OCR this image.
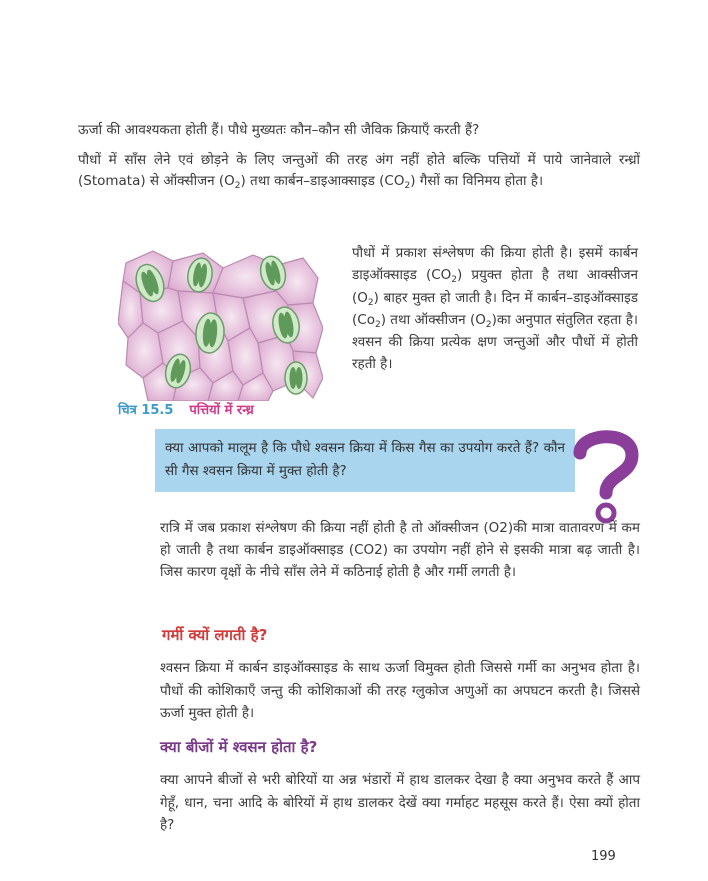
ऊर्जा की आवश्यकता होती हैं। पौधे मुख्यतः कौन–कौन सी जैविक क्रियाएँ करती हैं?

पौधों में साँस लेने एवं छोड़ने के लिए जन्तुओं की तरह अंग नहीं होते बल्कि पत्तियों में पाये जानेवाले रन्ध्रों (Stomata) से ऑक्सीजन $(O_2)$ तथा कार्बन–डाइआक्साइड $(CO_2)$ गैसों का विनिमय होता है।

चित्र 15.5 पत्तियों में रन्ध्र

पौधों में प्रकाश संश्लेषण की क्रिया होती है। इसमें कार्बन डाइऑक्साइड $(CO_2)$ प्रयुक्त होता है तथा आक्सीजन $(O_2)$ बाहर मुक्त हो जाती है। दिन में कार्बन–डाइऑक्साइड $(Co_2)$ तथा ऑक्सीजन $(O_2)का$ अनुपात संतुलित रहता है। श्वसन की क्रिया प्रत्येक क्षण जन्तुओं और पौधों में होती रहती है।

क्या आपको मालूम है कि पौधे श्वसन क्रिया में किस गैस का उपयोग करते हैं? कौन सी गैस श्वसन क्रिया में मुक्त होती है?

रात्रि में जब प्रकाश संश्लेषण की क्रिया नहीं होती है तो ऑक्सीजन (O2)की मात्रा वातावरण में कम हो जाती है तथा कार्बन डाइऑक्साइड (CO2) का उपयोग नहीं होने से इसकी मात्रा बढ़ जाती है। जिस कारण वृक्षों के नीचे साँस लेने में कठिनाई होती है और गर्मी लगती है।

गर्मी क्यों लगती है?

श्वसन क्रिया में कार्बन डाइऑक्साइड के साथ ऊर्जा विमुक्त होती जिससे गर्मी का अनुभव होता है। पौधों की कोशिकाएँ जन्तु की कोशिकाओं की तरह ग्लुकोज अणुओं का अपघटन करती है। जिससे ऊर्जा मुक्त होती है।

क्या बीजों में श्वसन होता है?

क्या आपने बीजों से भरी बोरियों या अन्न भंडारों में हाथ डालकर देखा है क्या अनुभव करते हैं आप गेहूँ, धान, चना आदि के बोरियों में हाथ डालकर देखें क्या गर्माहट महसूस करते हैं। ऐसा क्यों होता है?

199
